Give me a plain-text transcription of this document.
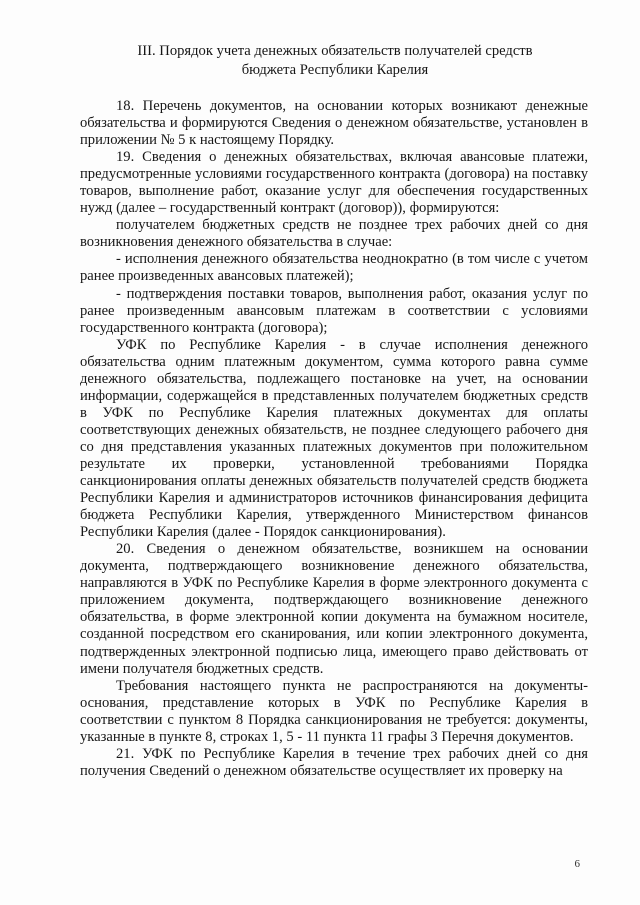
III. Порядок учета денежных обязательств получателей средств
бюджета Республики Карелия

18. Перечень документов, на основании которых возникают денежные обязательства и формируются Сведения о денежном обязательстве, установлен в приложении № 5 к настоящему Порядку.

19. Сведения о денежных обязательствах, включая авансовые платежи, предусмотренные условиями государственного контракта (договора) на поставку товаров, выполнение работ, оказание услуг для обеспечения государственных нужд (далее – государственный контракт (договор)), формируются:

получателем бюджетных средств не позднее трех рабочих дней со дня возникновения денежного обязательства в случае:

- исполнения денежного обязательства неоднократно (в том числе с учетом ранее произведенных авансовых платежей);

- подтверждения поставки товаров, выполнения работ, оказания услуг по ранее произведенным авансовым платежам в соответствии с условиями государственного контракта (договора);

УФК по Республике Карелия - в случае исполнения денежного обязательства одним платежным документом, сумма которого равна сумме денежного обязательства, подлежащего постановке на учет, на основании информации, содержащейся в представленных получателем бюджетных средств в УФК по Республике Карелия платежных документах для оплаты соответствующих денежных обязательств, не позднее следующего рабочего дня со дня представления указанных платежных документов при положительном результате их проверки, установленной требованиями Порядка санкционирования оплаты денежных обязательств получателей средств бюджета Республики Карелия и администраторов источников финансирования дефицита бюджета Республики Карелия, утвержденного Министерством финансов Республики Карелия (далее - Порядок санкционирования).

20. Сведения о денежном обязательстве, возникшем на основании документа, подтверждающего возникновение денежного обязательства, направляются в УФК по Республике Карелия в форме электронного документа с приложением документа, подтверждающего возникновение денежного обязательства, в форме электронной копии документа на бумажном носителе, созданной посредством его сканирования, или копии электронного документа, подтвержденных электронной подписью лица, имеющего право действовать от имени получателя бюджетных средств.

Требования настоящего пункта не распространяются на документы-основания, представление которых в УФК по Республике Карелия в соответствии с пунктом 8 Порядка санкционирования не требуется: документы, указанные в пункте 8, строках 1, 5 - 11 пункта 11 графы 3 Перечня документов.

21. УФК по Республике Карелия в течение трех рабочих дней со дня получения Сведений о денежном обязательстве осуществляет их проверку на

6
